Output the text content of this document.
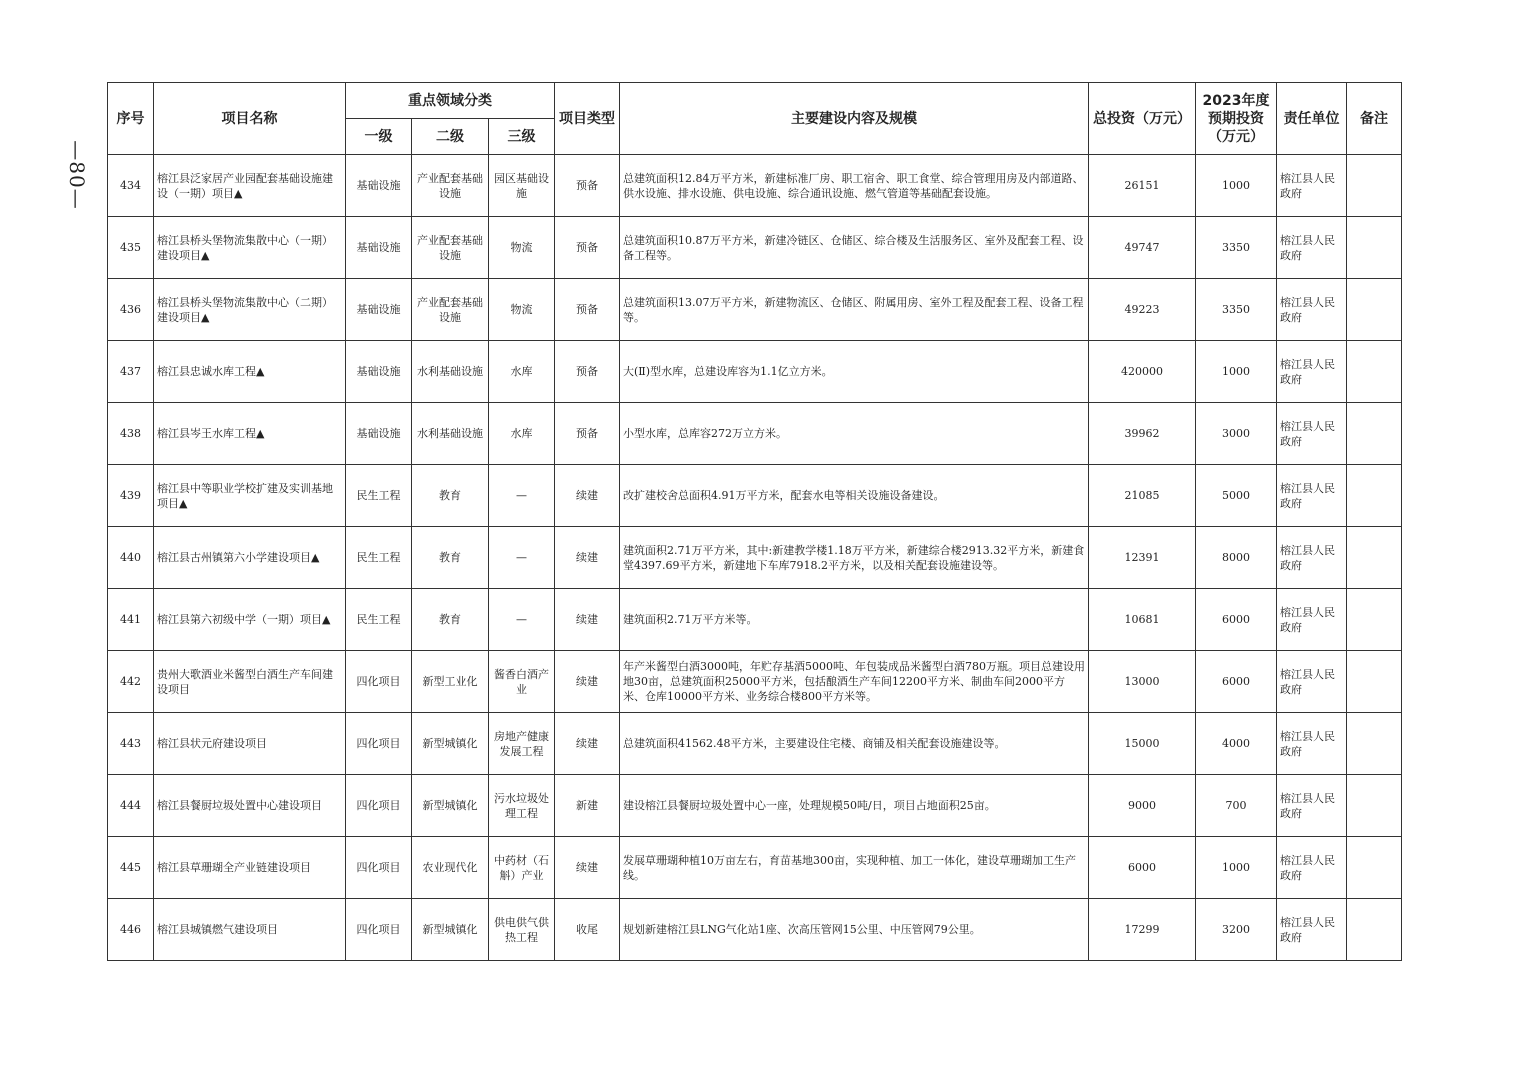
—80—
序号	项目名称	重点领域分类			项目类型	主要建设内容及规模	总投资（万元）	2023年度预期投资（万元）	责任单位	备注
		一级	二级	三级						
434	榕江县泛家居产业园配套基础设施建设（一期）项目▲	基础设施	产业配套基础设施	园区基础设施	预备	总建筑面积12.84万平方米，新建标准厂房、职工宿舍、职工食堂、综合管理用房及内部道路、供水设施、排水设施、供电设施、综合通讯设施、燃气管道等基础配套设施。	26151	1000	榕江县人民政府	
435	榕江县桥头堡物流集散中心（一期）建设项目▲	基础设施	产业配套基础设施	物流	预备	总建筑面积10.87万平方米，新建冷链区、仓储区、综合楼及生活服务区、室外及配套工程、设备工程等。	49747	3350	榕江县人民政府	
436	榕江县桥头堡物流集散中心（二期）建设项目▲	基础设施	产业配套基础设施	物流	预备	总建筑面积13.07万平方米，新建物流区、仓储区、附属用房、室外工程及配套工程、设备工程等。	49223	3350	榕江县人民政府	
437	榕江县忠诚水库工程▲	基础设施	水利基础设施	水库	预备	大(Ⅱ)型水库，总建设库容为1.1亿立方米。	420000	1000	榕江县人民政府	
438	榕江县岑王水库工程▲	基础设施	水利基础设施	水库	预备	小型水库，总库容272万立方米。	39962	3000	榕江县人民政府	
439	榕江县中等职业学校扩建及实训基地项目▲	民生工程	教育	—	续建	改扩建校舍总面积4.91万平方米，配套水电等相关设施设备建设。	21085	5000	榕江县人民政府	
440	榕江县古州镇第六小学建设项目▲	民生工程	教育	—	续建	建筑面积2.71万平方米，其中:新建教学楼1.18万平方米，新建综合楼2913.32平方米，新建食堂4397.69平方米，新建地下车库7918.2平方米，以及相关配套设施建设等。	12391	8000	榕江县人民政府	
441	榕江县第六初级中学（一期）项目▲	民生工程	教育	—	续建	建筑面积2.71万平方米等。	10681	6000	榕江县人民政府	
442	贵州大歌酒业米酱型白酒生产车间建设项目	四化项目	新型工业化	酱香白酒产业	续建	年产米酱型白酒3000吨，年贮存基酒5000吨、年包装成品米酱型白酒780万瓶。项目总建设用地30亩，总建筑面积25000平方米，包括酿酒生产车间12200平方米、制曲车间2000平方米、仓库10000平方米、业务综合楼800平方米等。	13000	6000	榕江县人民政府	
443	榕江县状元府建设项目	四化项目	新型城镇化	房地产健康发展工程	续建	总建筑面积41562.48平方米，主要建设住宅楼、商铺及相关配套设施建设等。	15000	4000	榕江县人民政府	
444	榕江县餐厨垃圾处置中心建设项目	四化项目	新型城镇化	污水垃圾处理工程	新建	建设榕江县餐厨垃圾处置中心一座，处理规模50吨/日，项目占地面积25亩。	9000	700	榕江县人民政府	
445	榕江县草珊瑚全产业链建设项目	四化项目	农业现代化	中药材（石斛）产业	续建	发展草珊瑚种植10万亩左右，育苗基地300亩，实现种植、加工一体化，建设草珊瑚加工生产线。	6000	1000	榕江县人民政府	
446	榕江县城镇燃气建设项目	四化项目	新型城镇化	供电供气供热工程	收尾	规划新建榕江县LNG气化站1座、次高压管网15公里、中压管网79公里。	17299	3200	榕江县人民政府	
